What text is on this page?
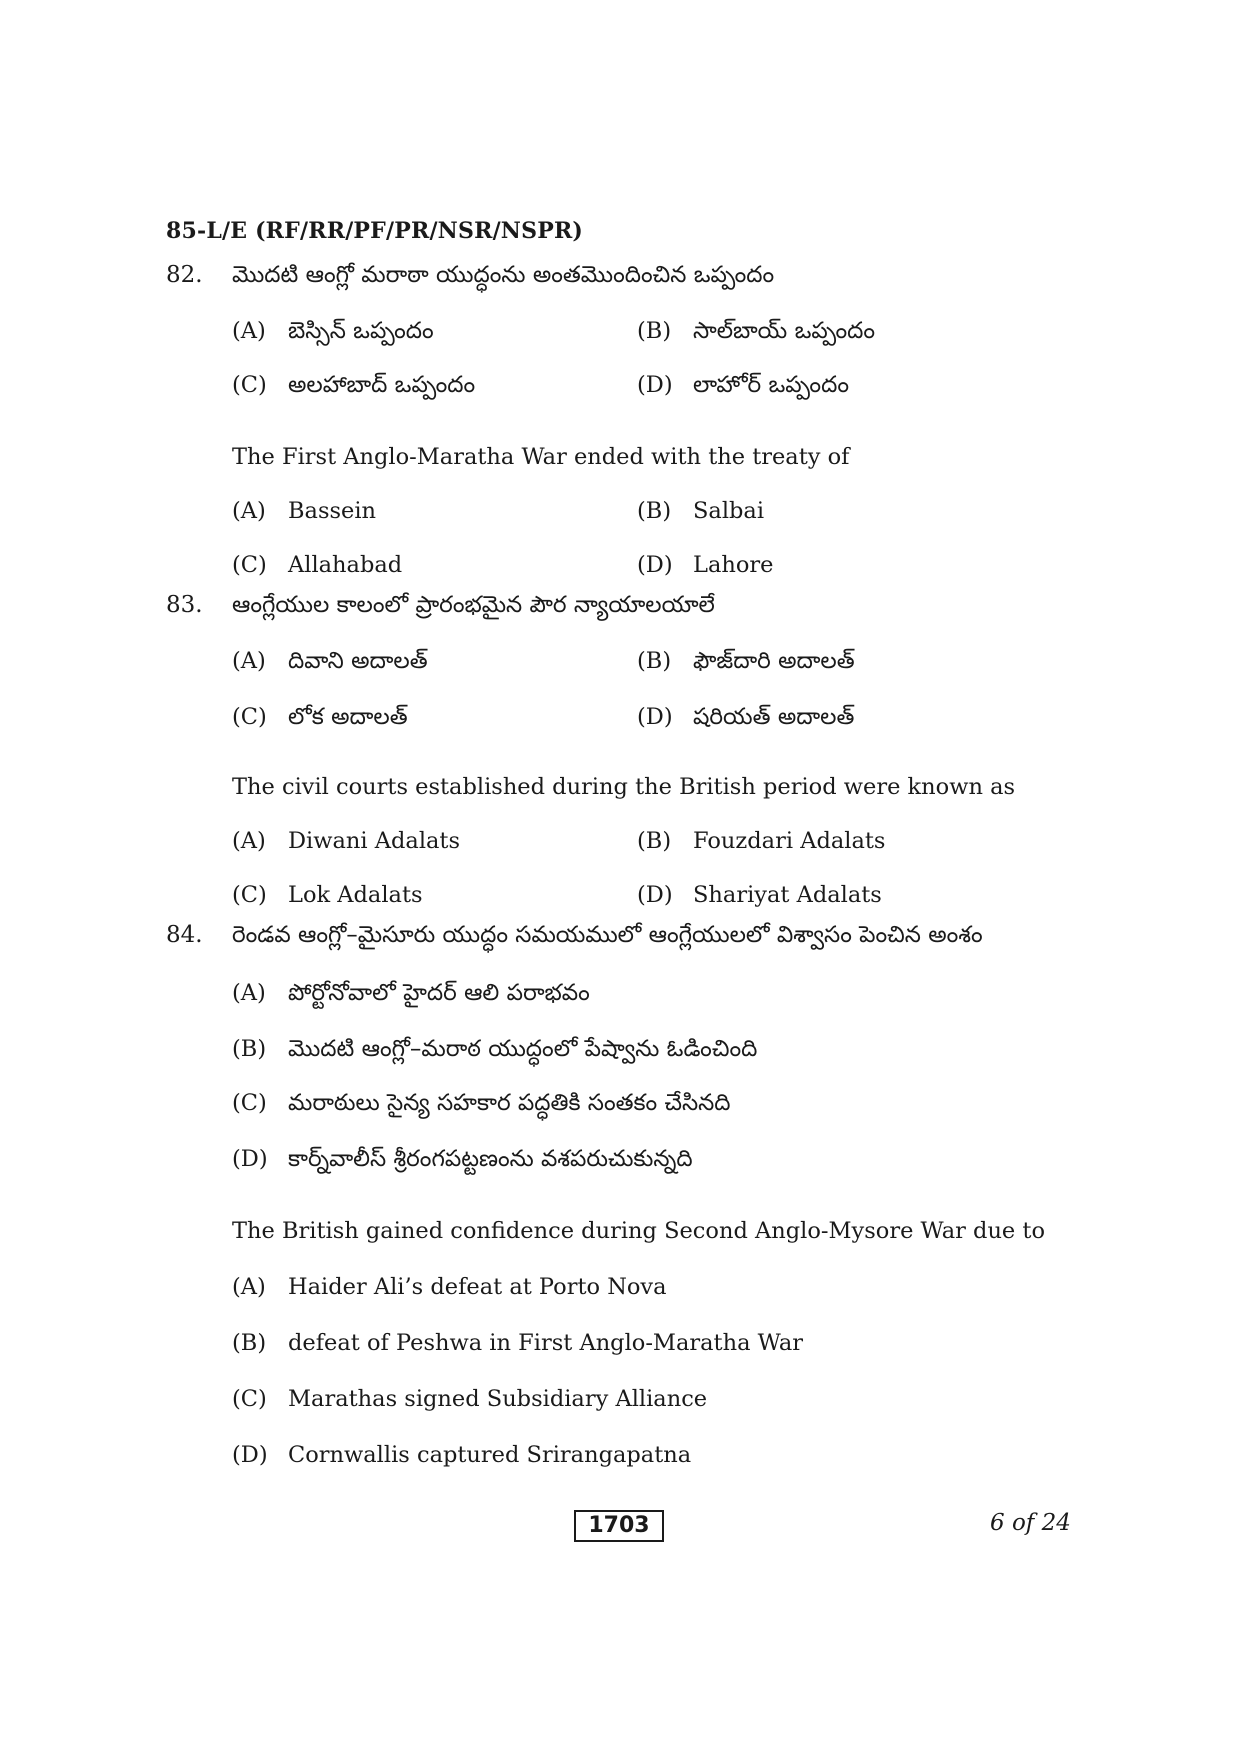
85-L/E (RF/RR/PF/PR/NSR/NSPR)
82. మొదటి ఆంగ్లో మరాఠా యుద్ధంను అంతమొందించిన ఒప్పందం
(A) బెస్సిన్ ఒప్పందం	(B) సాల్‌బాయ్ ఒప్పందం
(C) అలహాబాద్ ఒప్పందం	(D) లాహోర్ ఒప్పందం
The First Anglo-Maratha War ended with the treaty of
(A) Bassein	(B) Salbai
(C) Allahabad	(D) Lahore
83. ఆంగ్లేయుల కాలంలో ప్రారంభమైన పౌర న్యాయాలయాలే
(A) దివాని అదాలత్	(B) ఫౌజ్‌దారి అదాలత్
(C) లోక అదాలత్	(D) షరియత్ అదాలత్
The civil courts established during the British period were known as
(A) Diwani Adalats	(B) Fouzdari Adalats
(C) Lok Adalats	(D) Shariyat Adalats
84. రెండవ ఆంగ్లో–మైసూరు యుద్ధం సమయములో ఆంగ్లేయులలో విశ్వాసం పెంచిన అంశం
(A) పోర్టోనోవాలో హైదర్ ఆలి పరాభవం
(B) మొదటి ఆంగ్లో–మరాఠ యుద్ధంలో పేష్వాను ఓడించింది
(C) మరాఠులు సైన్య సహకార పద్ధతికి సంతకం చేసినది
(D) కార్న్‌వాలీస్ శ్రీరంగపట్టణంను వశపరుచుకున్నది
The British gained confidence during Second Anglo-Mysore War due to
(A) Haider Ali’s defeat at Porto Nova
(B) defeat of Peshwa in First Anglo-Maratha War
(C) Marathas signed Subsidiary Alliance
(D) Cornwallis captured Srirangapatna
1703	6 of 24
